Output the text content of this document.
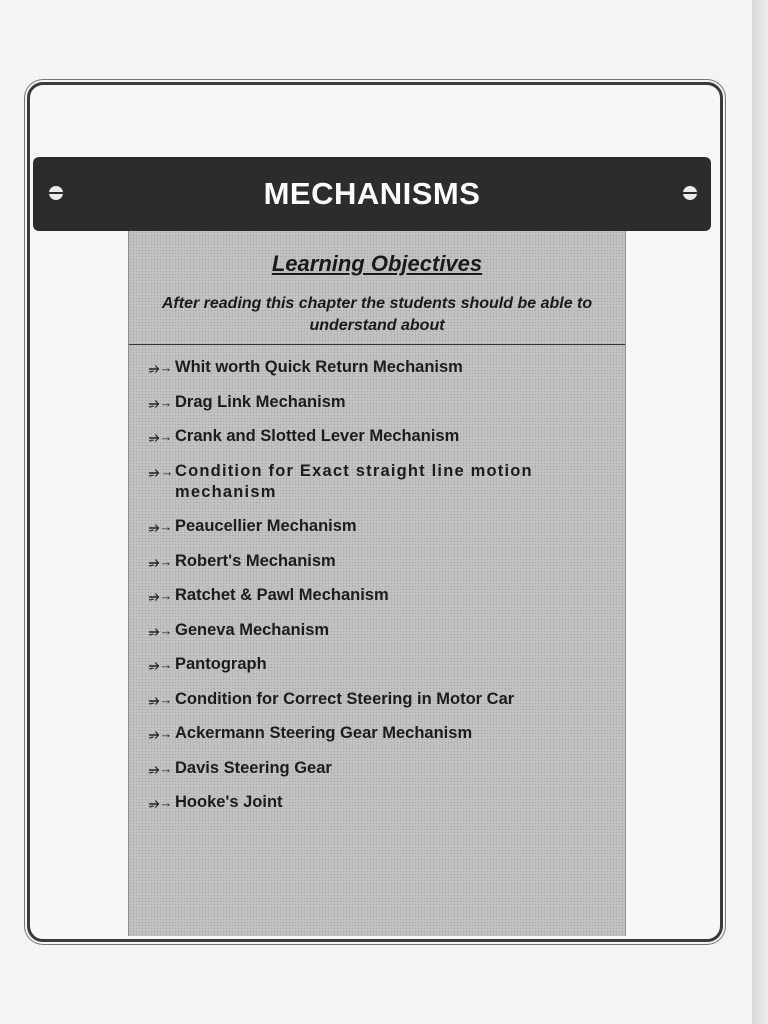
MECHANISMS
Learning Objectives
After reading this chapter the students should be able to understand about
⭌→ Whit worth Quick Return Mechanism
⭌→ Drag Link Mechanism
⭌→ Crank and Slotted Lever Mechanism
⭌→ Condition for Exact straight line motion mechanism
⭌→ Peaucellier Mechanism
⭌→ Robert's Mechanism
⭌→ Ratchet & Pawl Mechanism
⭌→ Geneva Mechanism
⭌→ Pantograph
⭌→ Condition for Correct Steering in Motor Car
⭌→ Ackermann Steering Gear Mechanism
⭌→ Davis Steering Gear
⭌→ Hooke's Joint
